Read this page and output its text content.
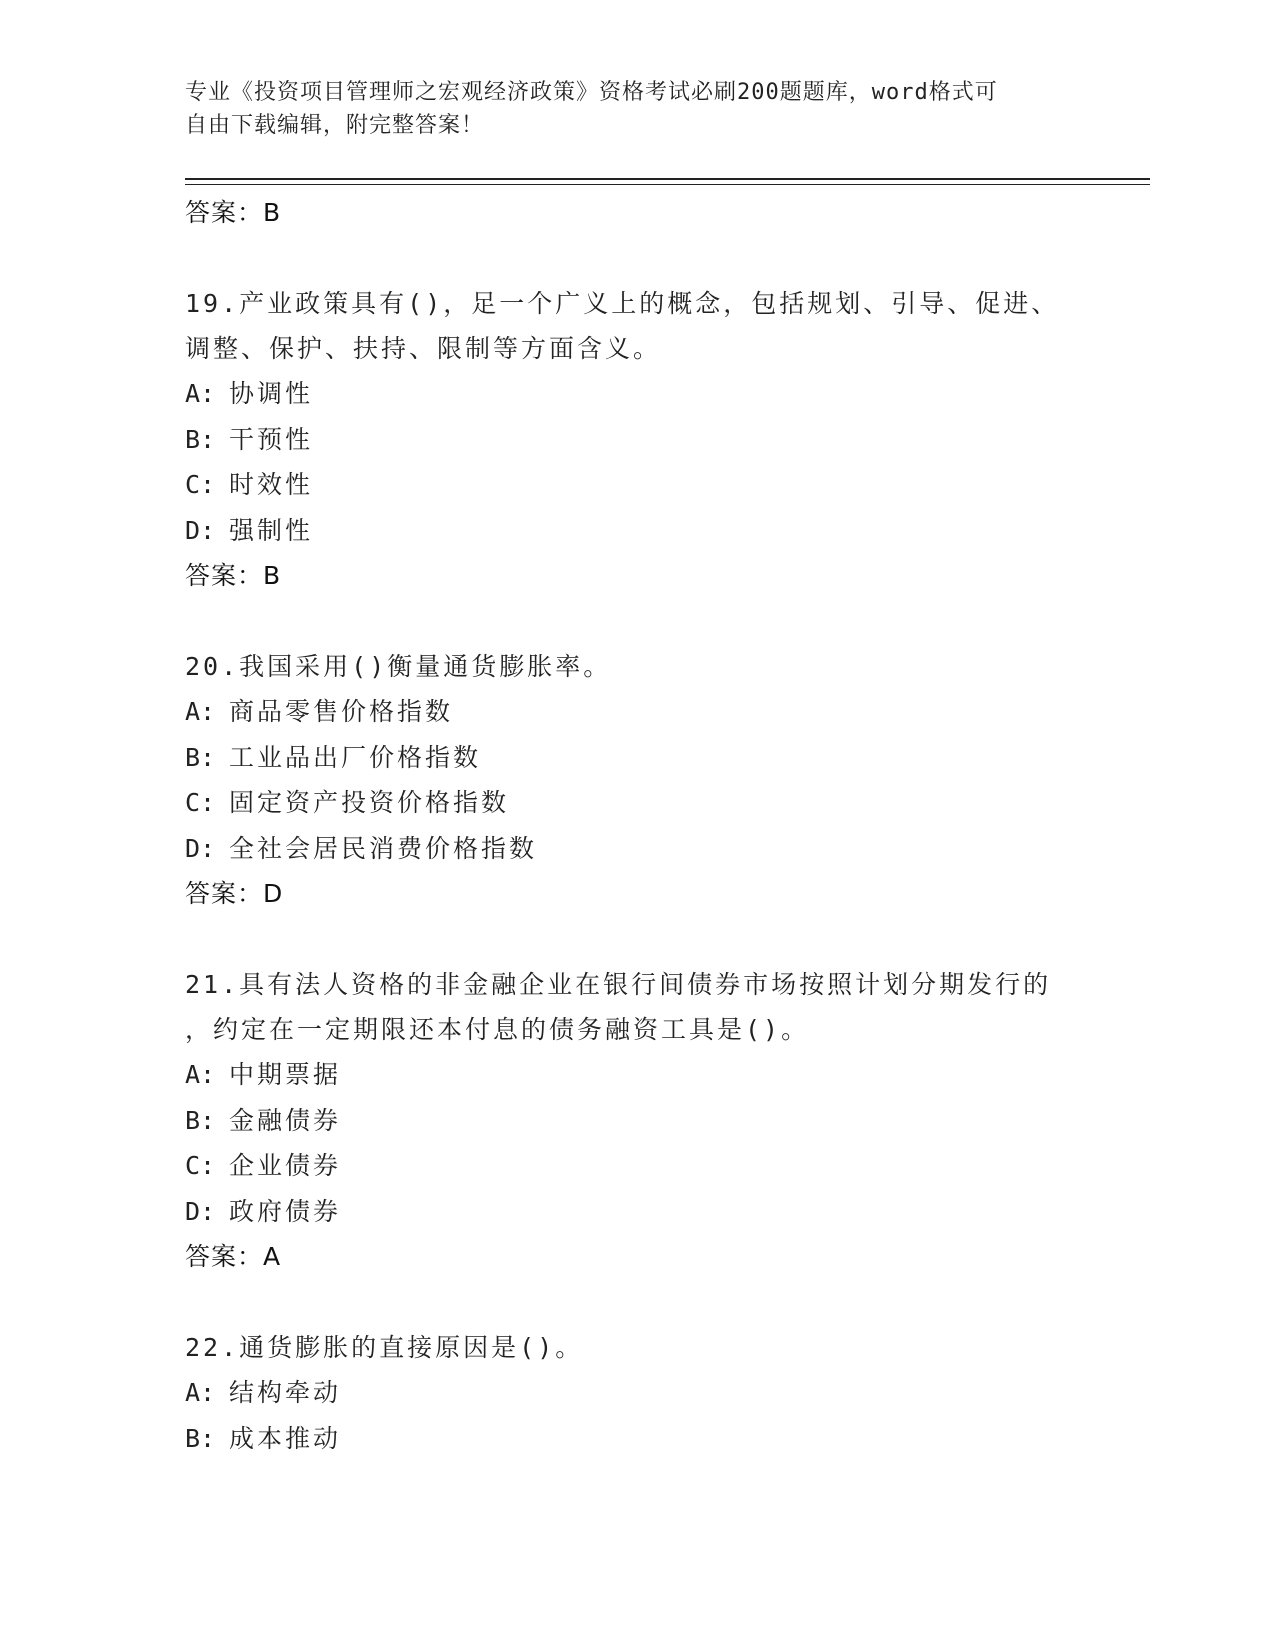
专业《投资项目管理师之宏观经济政策》资格考试必刷200题题库，word格式可
自由下载编辑，附完整答案！
答案：B
19.产业政策具有()，足一个广义上的概念，包括规划、引导、促进、
调整、保护、扶持、限制等方面含义。
A: 协调性
B: 干预性
C: 时效性
D: 强制性
答案：B
20.我国采用()衡量通货膨胀率。
A: 商品零售价格指数
B: 工业品出厂价格指数
C: 固定资产投资价格指数
D: 全社会居民消费价格指数
答案：D
21.具有法人资格的非金融企业在银行间债券市场按照计划分期发行的
，约定在一定期限还本付息的债务融资工具是()。
A: 中期票据
B: 金融债券
C: 企业债券
D: 政府债券
答案：A
22.通货膨胀的直接原因是()。
A: 结构牵动
B: 成本推动
